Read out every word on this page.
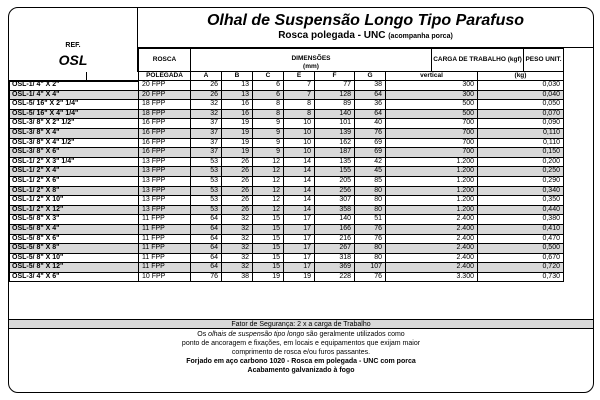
REF.
OSL
Olhal de Suspensão Longo Tipo Parafuso
Rosca polegada - UNC (acompanha porca)
		ROSCA	DIMENSÕES
(mm)							CARGA DE TRABALHO (kgf)		PESO UNIT.
		POLEGADA	A	B	C	E	F	G	vertical		(kg)	
OSL-1/ 4" X 2"		20 FPP	26	13	6	7	77	38	300		0,030	
OSL-1/ 4" X 4"		20 FPP	26	13	6	7	128	64	300		0,040	
OSL-5/ 16" X 2" 1/4"		18 FPP	32	16	8	8	89	36	500		0,050	
OSL-5/ 16" X 4" 1/4"		18 FPP	32	16	8	8	140	64	500		0,070	
OSL-3/ 8" X 2" 1/2"		16 FPP	37	19	9	10	101	40	700		0,090	
OSL-3/ 8" X 4"		16 FPP	37	19	9	10	139	76	700		0,110	
OSL-3/ 8" X 4" 1/2"		16 FPP	37	19	9	10	162	69	700		0,110	
OSL-3/ 8" X 6"		16 FPP	37	19	9	10	187	69	700		0,150	
OSL-1/ 2" X 3" 1/4"		13 FPP	53	26	12	14	135	42	1.200		0,200	
OSL-1/ 2" X 4"		13 FPP	53	26	12	14	155	45	1.200		0,250	
OSL-1/ 2" X 6"		13 FPP	53	26	12	14	205	85	1.200		0,290	
OSL-1/ 2" X 8"		13 FPP	53	26	12	14	256	80	1.200		0,340	
OSL-1/ 2" X 10"		13 FPP	53	26	12	14	307	80	1.200		0,350	
OSL-1/ 2" X 12"		13 FPP	53	26	12	14	358	80	1.200		0,440	
OSL-5/ 8" X 3"		11 FPP	64	32	15	17	140	51	2.400		0,380	
OSL-5/ 8" X 4"		11 FPP	64	32	15	17	166	76	2.400		0,410	
OSL-5/ 8" X 6"		11 FPP	64	32	15	17	216	76	2.400		0,470	
OSL-5/ 8" X 8"		11 FPP	64	32	15	17	267	80	2.400		0,500	
OSL-5/ 8" X 10"		11 FPP	64	32	15	17	318	80	2.400		0,670	
OSL-5/ 8" X 12"		11 FPP	64	32	15	17	369	107	2.400		0,720	
OSL-3/ 4" X 6"		10 FPP	76	38	19	19	228	76	3.300		0,730	
Fator de Segurança: 2 x a carga de Trabalho
Os olhais de suspensão tipo longo são geralmente utilizados como
ponto de ancoragem e fixações, em locais e equipamentos que exijam maior
comprimento de rosca e/ou furos passantes.
Forjado em aço carbono 1020 - Rosca em polegada - UNC com porca
Acabamento galvanizado à fogo
